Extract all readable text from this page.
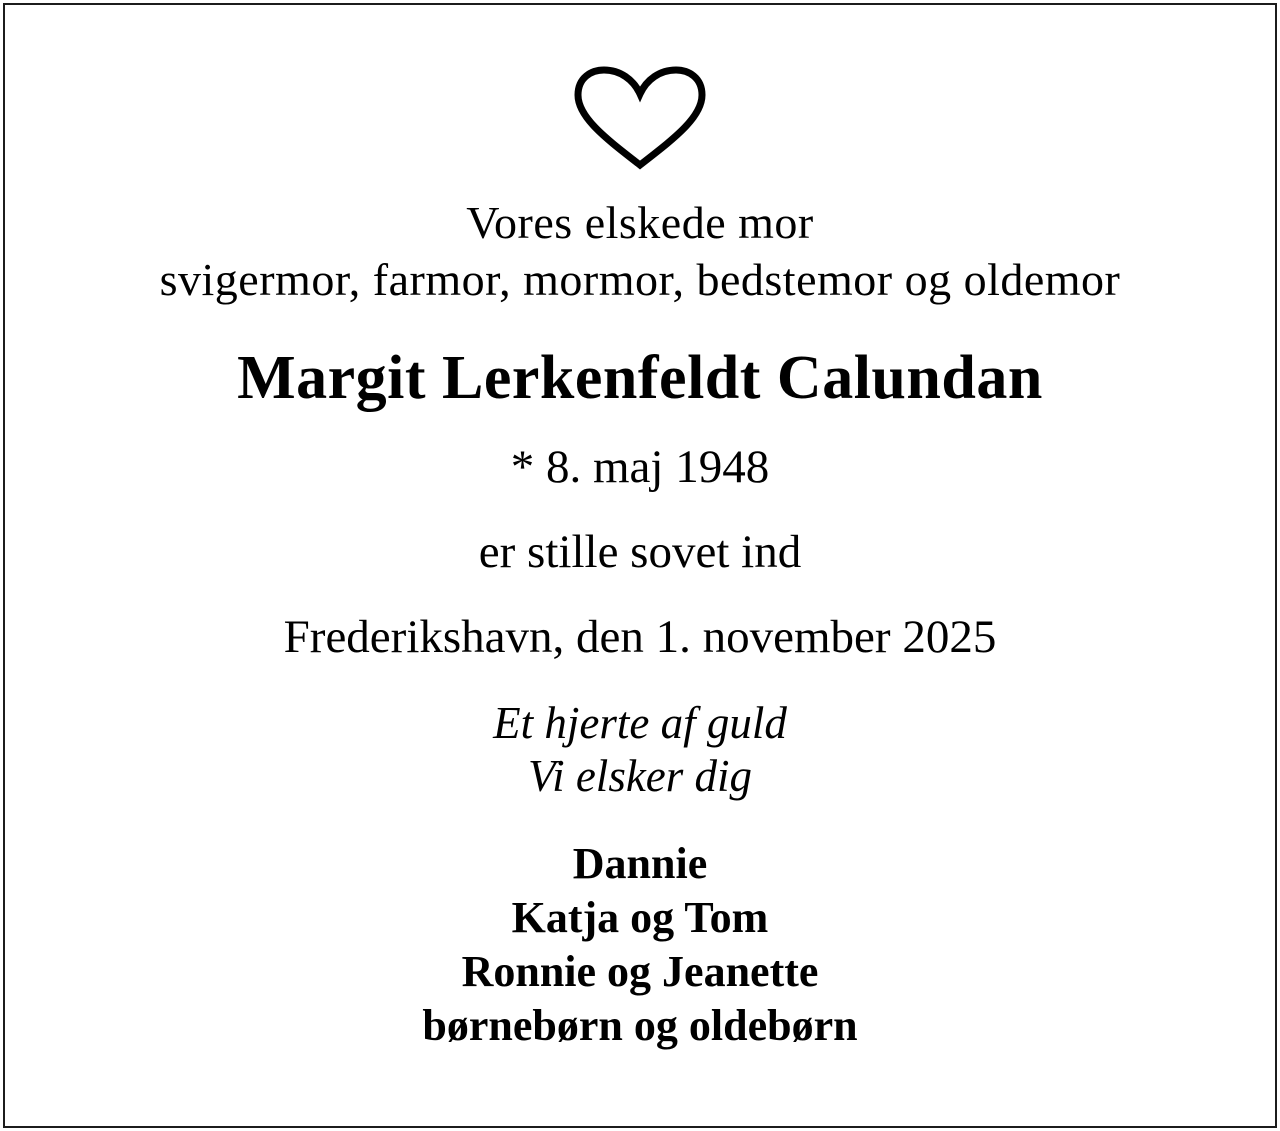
Vores elskede mor

svigermor, farmor, mormor, bedstemor og oldemor

Margit Lerkenfeldt Calundan

* 8. maj 1948

er stille sovet ind

Frederikshavn, den 1. november 2025

Et hjerte af guld

Vi elsker dig

Dannie

Katja og Tom

Ronnie og Jeanette

børnebørn og oldebørn
